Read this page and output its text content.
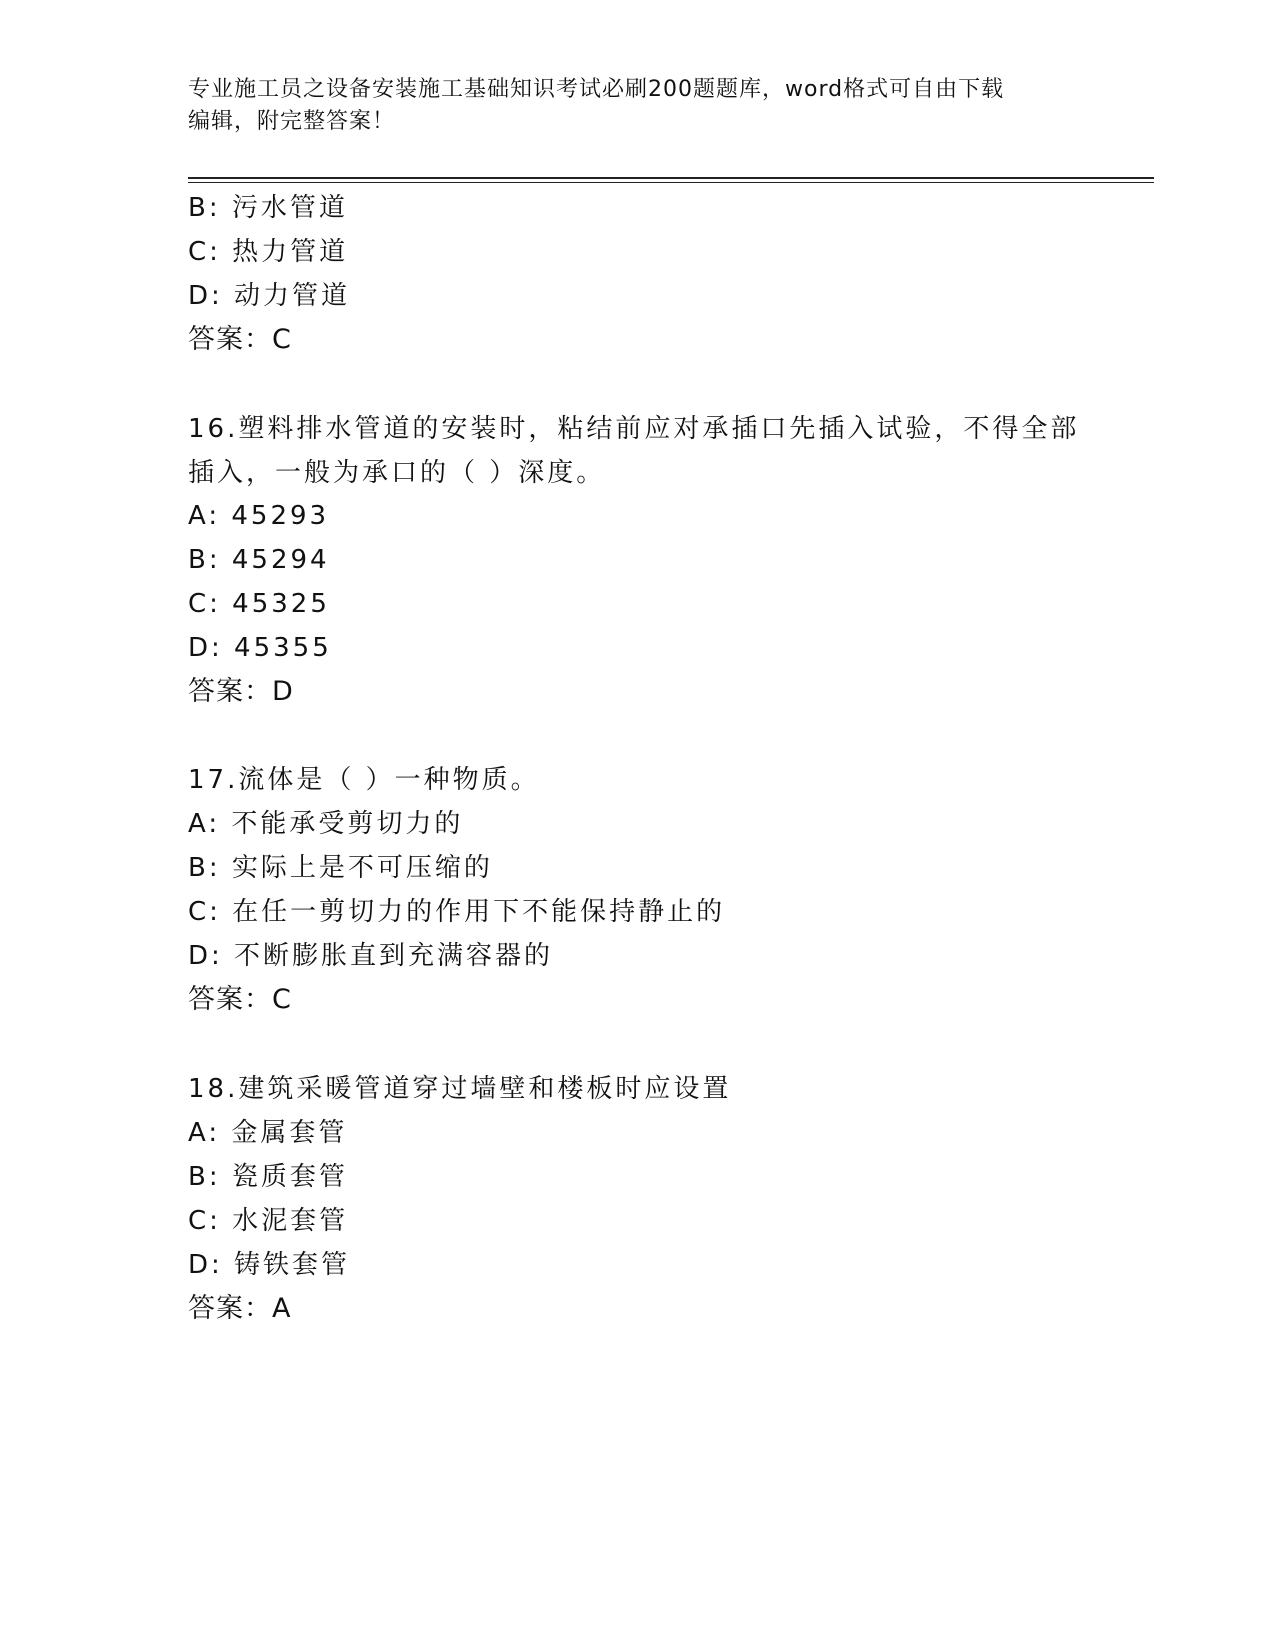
专业施工员之设备安装施工基础知识考试必刷200题题库，word格式可自由下载
编辑，附完整答案！
B: 污水管道
C: 热力管道
D: 动力管道
答案：C
16.塑料排水管道的安装时，粘结前应对承插口先插入试验，不得全部
插入，一般为承口的（ ）深度。
A: 45293
B: 45294
C: 45325
D: 45355
答案：D
17.流体是（ ）一种物质。
A: 不能承受剪切力的
B: 实际上是不可压缩的
C: 在任一剪切力的作用下不能保持静止的
D: 不断膨胀直到充满容器的
答案：C
18.建筑采暖管道穿过墙壁和楼板时应设置
A: 金属套管
B: 瓷质套管
C: 水泥套管
D: 铸铁套管
答案：A
